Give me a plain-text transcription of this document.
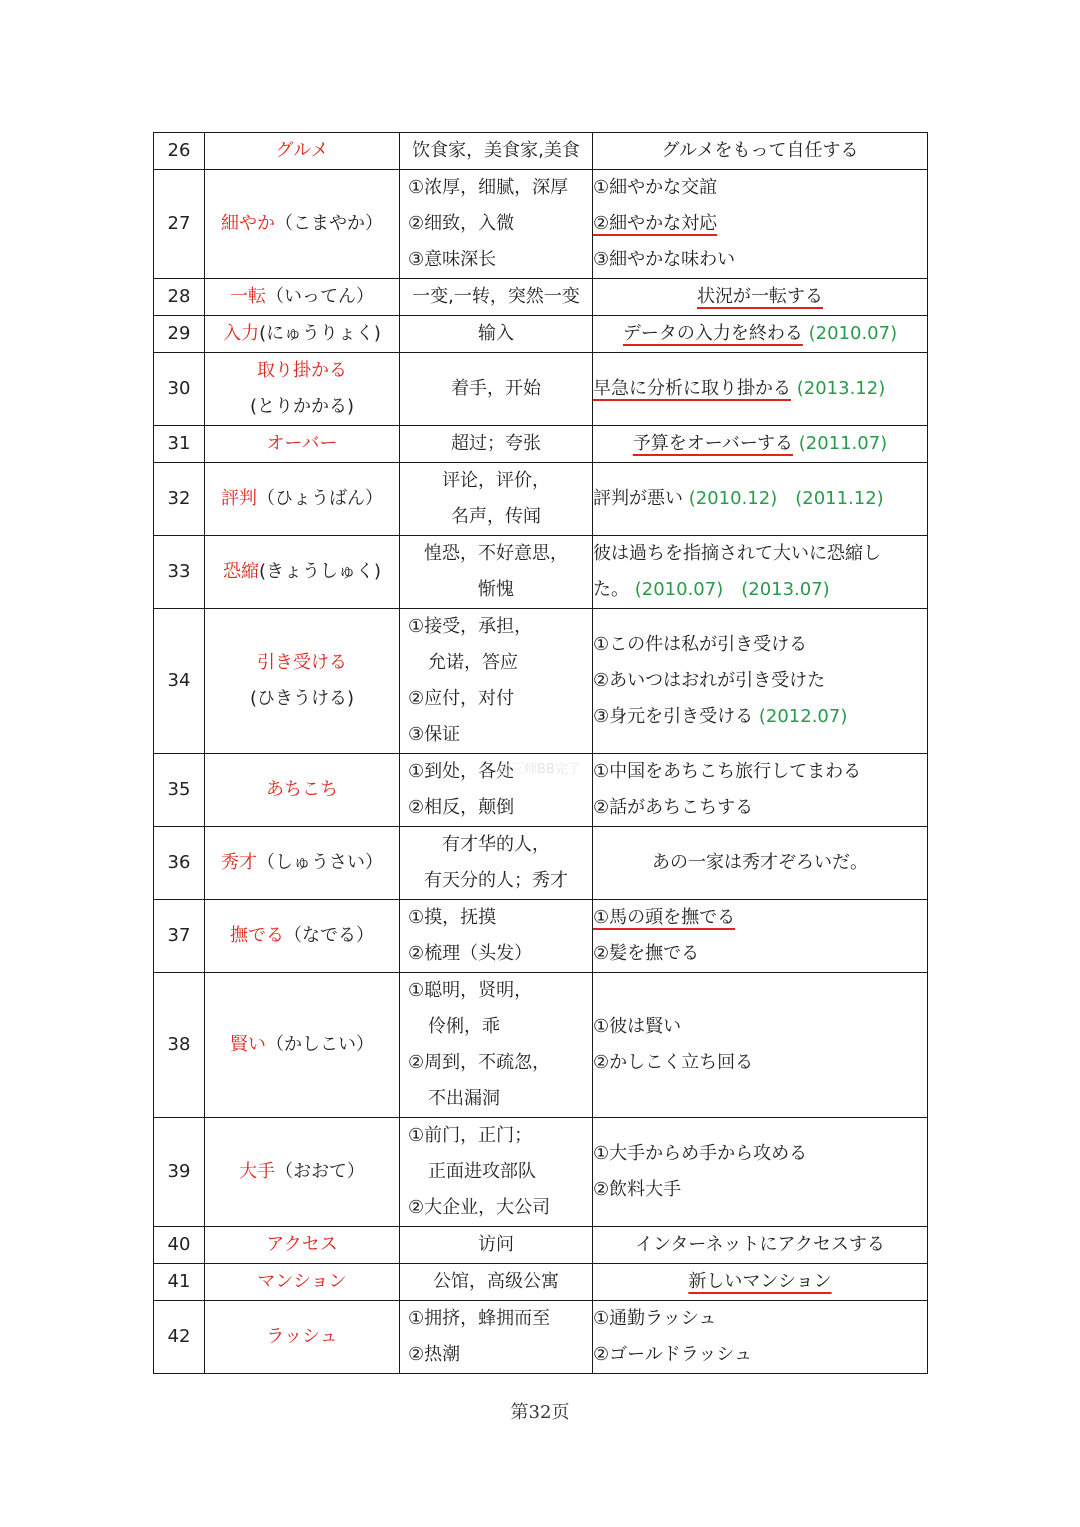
26	グルメ	饮食家，美食家,美食	グルメをもって自任する

27	細やか（こまやか）	①浓厚，细腻，深厚
②细致，入微
③意味深长	①細やかな交誼
②細やかな対応
③細やかな味わい

28	一転（いってん）	一变,一转，突然一变	状況が一転する

29	入力(にゅうりょく)	输入	データの入力を終わる (2010.07)

30	取り掛かる
(とりかかる)	着手，开始	早急に分析に取り掛かる (2013.12)

31	オーバー	超过；夸张	予算をオーバーする (2011.07)

32	評判（ひょうばん）	评论，评价，
名声，传闻	評判が悪い (2010.12)　(2011.12)

33	恐縮(きょうしゅく)	惶恐，不好意思，
惭愧	彼は過ちを指摘されて大いに恐縮し
た。 (2010.07)　(2013.07)

34	引き受ける
(ひきうける)	①接受，承担，
允诺，答应
②应付，对付
③保证	①この件は私が引き受ける
②あいつはおれが引き受けた
③身元を引き受ける (2012.07)

35	あちこち	①到处，各处
②相反，颠倒	①中国をあちこち旅行してまわる
②話があちこちする

36	秀才（しゅうさい）	有才华的人，
有天分的人；秀才	あの一家は秀才ぞろいだ。

37	撫でる（なでる）	①摸，抚摸
②梳理（头发）	①馬の頭を撫でる
②髪を撫でる

38	賢い（かしこい）	①聪明，贤明，
伶俐，乖
②周到，不疏忽，
不出漏洞	①彼は賢い
②かしこく立ち回る

39	大手（おおて）	①前门，正门；
正面进攻部队
②大企业，大公司	①大手からめ手から攻める
②飲料大手

40	アクセス	访问	インターネットにアクセスする

41	マンション	公馆，高级公寓	新しいマンション

42	ラッシュ	①拥挤，蜂拥而至
②热潮	①通勤ラッシュ
②ゴールドラッシュ
@三师BB完了
第32页
